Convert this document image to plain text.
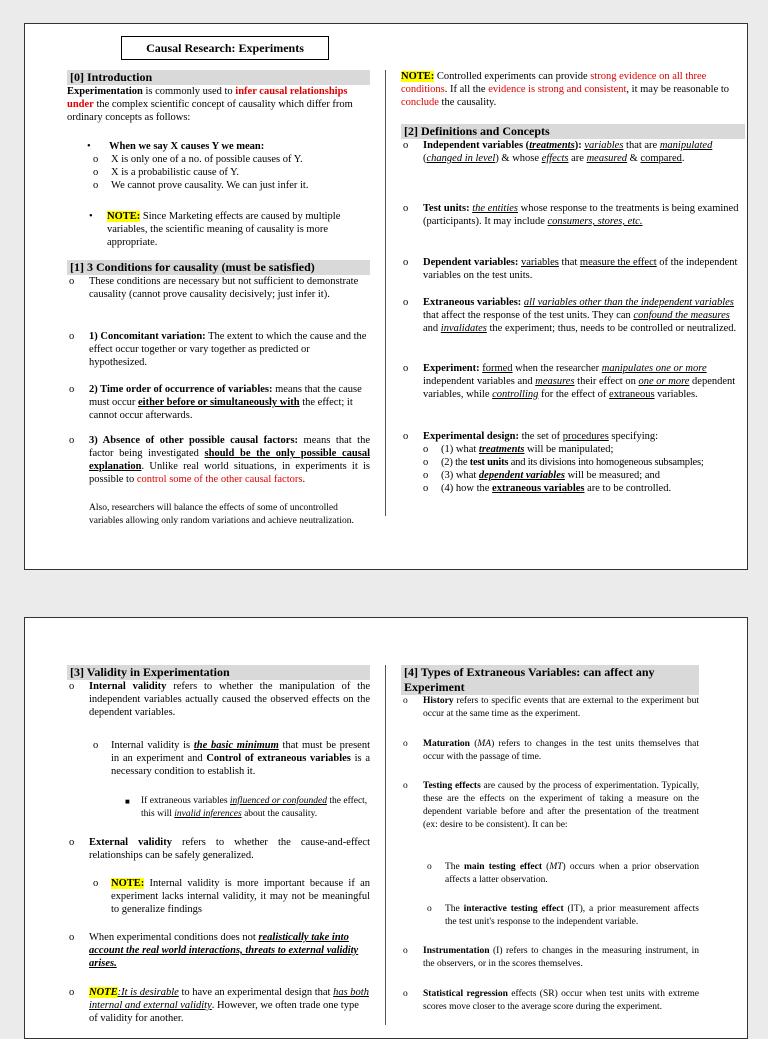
Causal Research: Experiments
[0] Introduction

Experimentation is commonly used to infer causal relationships under the complex scientific concept of causality which differ from ordinary concepts as follows:

• When we say X causes Y we mean:
o X is only one of a no. of possible causes of Y.
o X is a probabilistic cause of Y.
o We cannot prove causality. We can just infer it.
• NOTE: Since Marketing effects are caused by multiple variables, the scientific meaning of causality is more appropriate.
[1] 3 Conditions for causality (must be satisfied)
o These conditions are necessary but not sufficient to demonstrate causality (cannot prove causality decisively; just infer it).
o 1) Concomitant variation: The extent to which the cause and the effect occur together or vary together as predicted or hypothesized.
o 2) Time order of occurrence of variables: means that the cause must occur either before or simultaneously with the effect; it cannot occur afterwards.
o 3) Absence of other possible causal factors: means that the factor being investigated should be the only possible causal explanation. Unlike real world situations, in experiments it is possible to control some of the other causal factors.

Also, researchers will balance the effects of some of uncontrolled variables allowing only random variations and achieve neutralization.

NOTE: Controlled experiments can provide strong evidence on all three conditions. If all the evidence is strong and consistent, it may be reasonable to conclude the causality.

[2] Definitions and Concepts
o Independent variables (treatments): variables that are manipulated (changed in level) & whose effects are measured & compared.
o Test units: the entities whose response to the treatments is being examined (participants). It may include consumers, stores, etc.
o Dependent variables: variables that measure the effect of the independent variables on the test units.
o Extraneous variables: all variables other than the independent variables that affect the response of the test units. They can confound the measures and invalidates the experiment; thus, needs to be controlled or neutralized.
o Experiment: formed when the researcher manipulates one or more independent variables and measures their effect on one or more dependent variables, while controlling for the effect of extraneous variables.
o Experimental design: the set of procedures specifying:
o (1) what treatments will be manipulated;
o (2) the test units and its divisions into homogeneous subsamples;
o (3) what dependent variables will be measured; and
o (4) how the extraneous variables are to be controlled.
[3] Validity in Experimentation
o Internal validity refers to whether the manipulation of the independent variables actually caused the observed effects on the dependent variables.
o Internal validity is the basic minimum that must be present in an experiment and Control of extraneous variables is a necessary condition to establish it.
■ If extraneous variables influenced or confounded the effect, this will invalid inferences about the causality.
o External validity refers to whether the cause-and-effect relationships can be safely generalized.
o NOTE: Internal validity is more important because if an experiment lacks internal validity, it may not be meaningful to generalize findings
o When experimental conditions does not realistically take into account the real world interactions, threats to external validity arises.
o NOTE:It is desirable to have an experimental design that has both internal and external validity. However, we often trade one type of validity for another.
[4] Types of Extraneous Variables: can affect any Experiment
o History refers to specific events that are external to the experiment but occur at the same time as the experiment.
o Maturation (MA) refers to changes in the test units themselves that occur with the passage of time.
o Testing effects are caused by the process of experimentation. Typically, these are the effects on the experiment of taking a measure on the dependent variable before and after the presentation of the treatment (ex: desire to be consistent). It can be:
o The main testing effect (MT) occurs when a prior observation affects a latter observation.
o The interactive testing effect (IT), a prior measurement affects the test unit's response to the independent variable.
o Instrumentation (I) refers to changes in the measuring instrument, in the observers, or in the scores themselves.
o Statistical regression effects (SR) occur when test units with extreme scores move closer to the average score during the experiment.
